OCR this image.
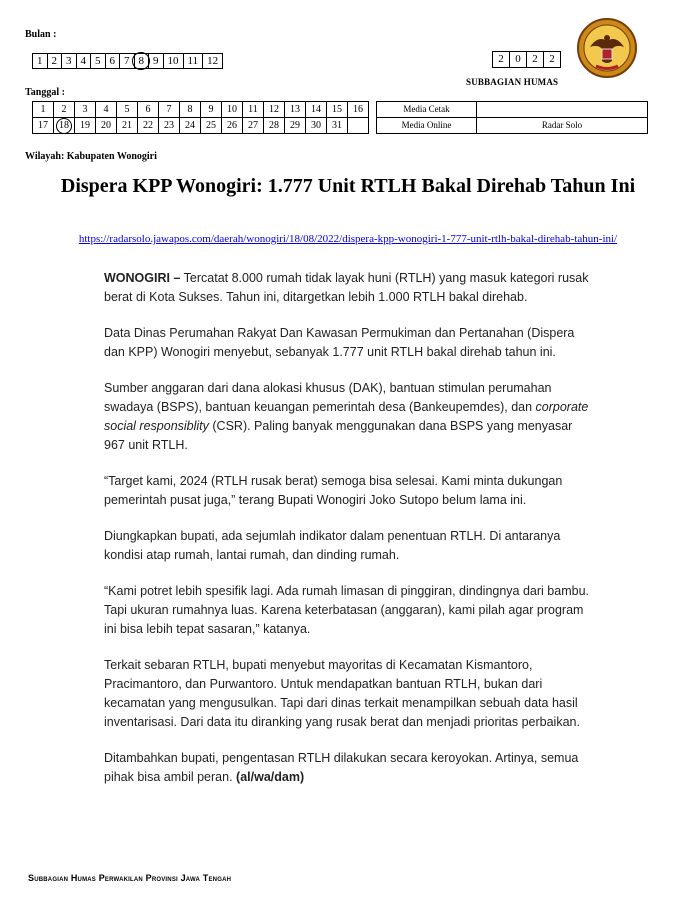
Bulan :
1 2 3 4 5 6 7 8 9 10 11 12	2	0	2	2
SUBBAGIAN HUMAS
Tanggal :
1	2	3	4	5	6	7	8	9	10	11	12	13	14	15	16
17	18	19	20	21	22	23	24	25	26	27	28	29	30	31
Media Cetak	
Media Online	Radar Solo
Wilayah: Kabupaten Wonogiri
Dispera KPP Wonogiri: 1.777 Unit RTLH Bakal Direhab Tahun Ini
https://radarsolo.jawapos.com/daerah/wonogiri/18/08/2022/dispera-kpp-wonogiri-1-777-unit-rtlh-bakal-direhab-tahun-ini/

WONOGIRI – Tercatat 8.000 rumah tidak layak huni (RTLH) yang masuk kategori rusak berat di Kota Sukses. Tahun ini, ditargetkan lebih 1.000 RTLH bakal direhab.

Data Dinas Perumahan Rakyat Dan Kawasan Permukiman dan Pertanahan (Dispera dan KPP) Wonogiri menyebut, sebanyak 1.777 unit RTLH bakal direhab tahun ini.

Sumber anggaran dari dana alokasi khusus (DAK), bantuan stimulan perumahan swadaya (BSPS), bantuan keuangan pemerintah desa (Bankeupemdes), dan corporate social responsiblity (CSR). Paling banyak menggunakan dana BSPS yang menyasar 967 unit RTLH.

“Target kami, 2024 (RTLH rusak berat) semoga bisa selesai. Kami minta dukungan pemerintah pusat juga,” terang Bupati Wonogiri Joko Sutopo belum lama ini.

Diungkapkan bupati, ada sejumlah indikator dalam penentuan RTLH. Di antaranya kondisi atap rumah, lantai rumah, dan dinding rumah.

“Kami potret lebih spesifik lagi. Ada rumah limasan di pinggiran, dindingnya dari bambu. Tapi ukuran rumahnya luas. Karena keterbatasan (anggaran), kami pilah agar program ini bisa lebih tepat sasaran,” katanya.

Terkait sebaran RTLH, bupati menyebut mayoritas di Kecamatan Kismantoro, Pracimantoro, dan Purwantoro. Untuk mendapatkan bantuan RTLH, bukan dari kecamatan yang mengusulkan. Tapi dari dinas terkait menampilkan sebuah data hasil inventarisasi. Dari data itu diranking yang rusak berat dan menjadi prioritas perbaikan.

Ditambahkan bupati, pengentasan RTLH dilakukan secara keroyokan. Artinya, semua pihak bisa ambil peran. (al/wa/dam)

Subbagian Humas Perwakilan Provinsi Jawa Tengah
